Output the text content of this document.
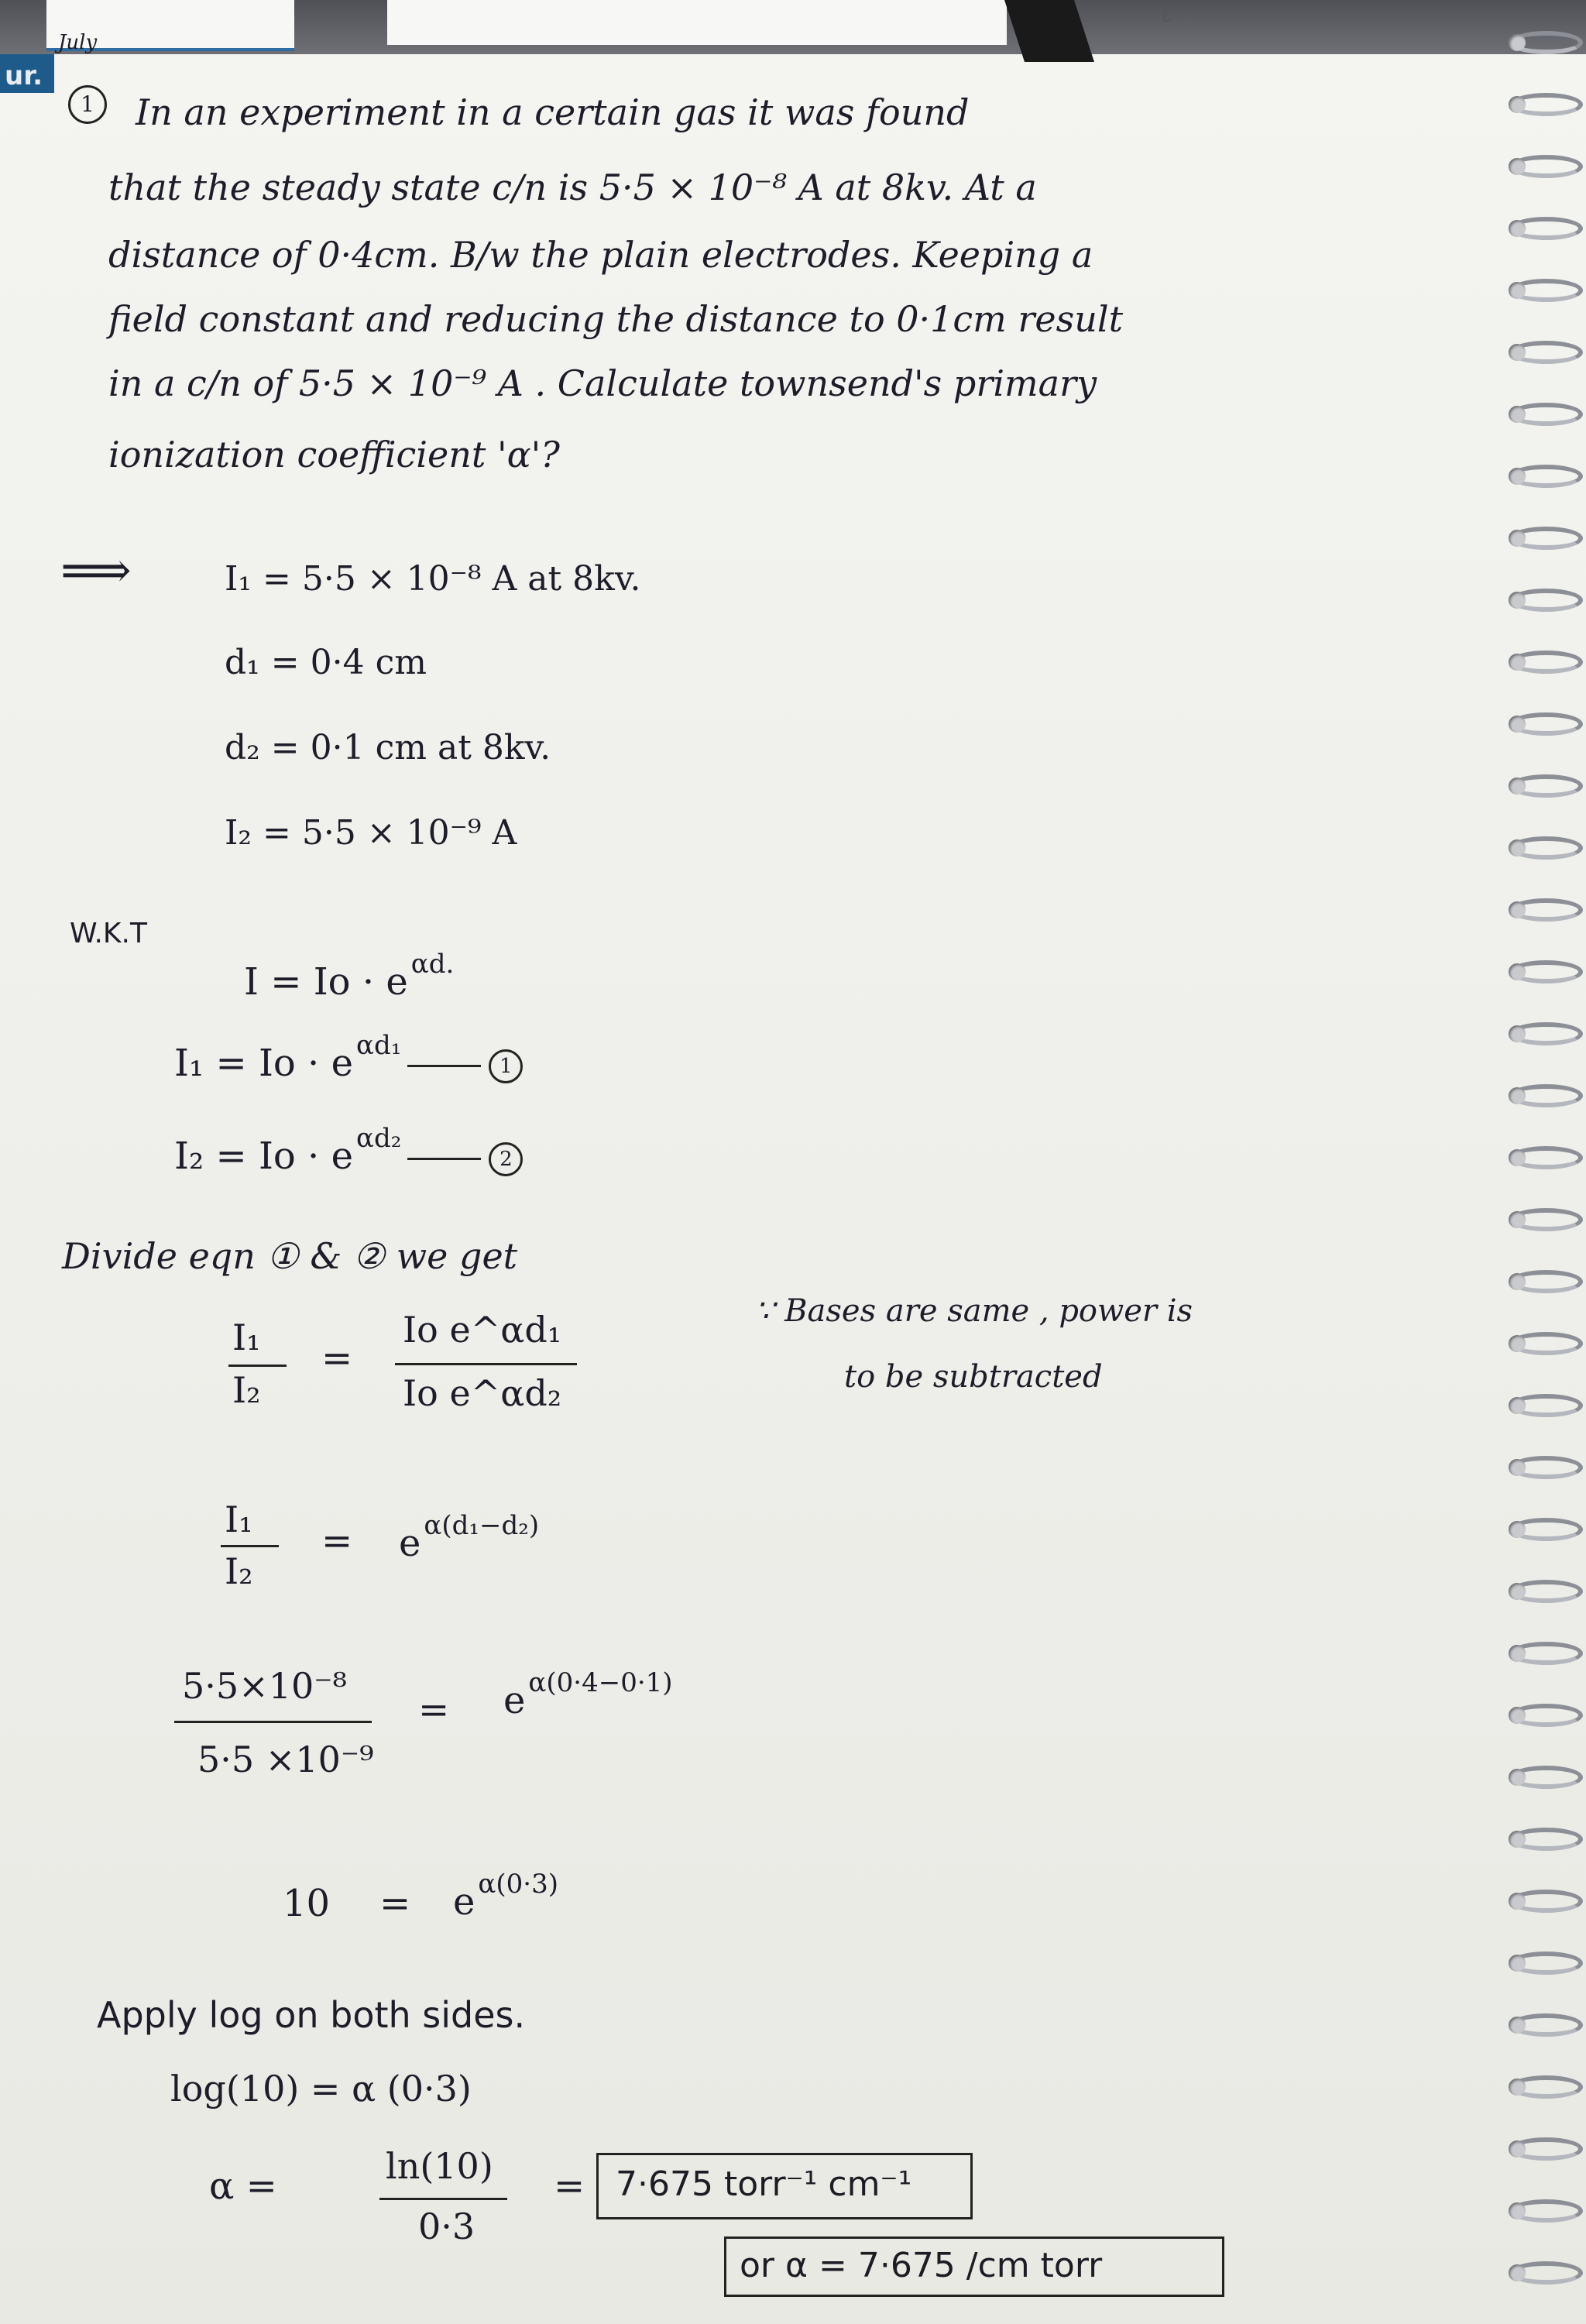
ε
ur.
July
1	In an experiment in a certain gas it was found
that the steady state c/n is 5·5 × 10⁻⁸ A at 8kv. At a
distance of 0·4cm. B/w the plain electrodes. Keeping a
field constant and reducing the distance to 0·1cm result
in a c/n of 5·5 × 10⁻⁹ A . Calculate townsend's primary
ionization coefficient 'α'?
⟹	I₁ = 5·5 × 10⁻⁸ A at 8kv.
d₁ = 0·4 cm
d₂ = 0·1 cm at 8kv.
I₂ = 5·5 × 10⁻⁹ A
W.K.T
I = Io · e $^{\alpha d.}$
I₁ = Io · e $^{\alpha d_1}$1
I₂ = Io · e $^{\alpha d_2}$2
Divide eqn ① & ② we get
I₁
I₂
=
Io e^αd₁
Io e^αd₂
∵ Bases are same , power is
to be subtracted
I₁
I₂
= e $^{\alpha(d_1-d_2)}$
5·5×10⁻⁸
5·5 ×10⁻⁹
= e $^{\alpha(0\cdot 4-0\cdot 1)}$
10 = e $^{\alpha(0\cdot 3)}$
Apply log on both sides.
log(10) = α (0·3)
α =	ln(10)
0·3
= 7·675 torr⁻¹ cm⁻¹
or α = 7·675 /cm torr
